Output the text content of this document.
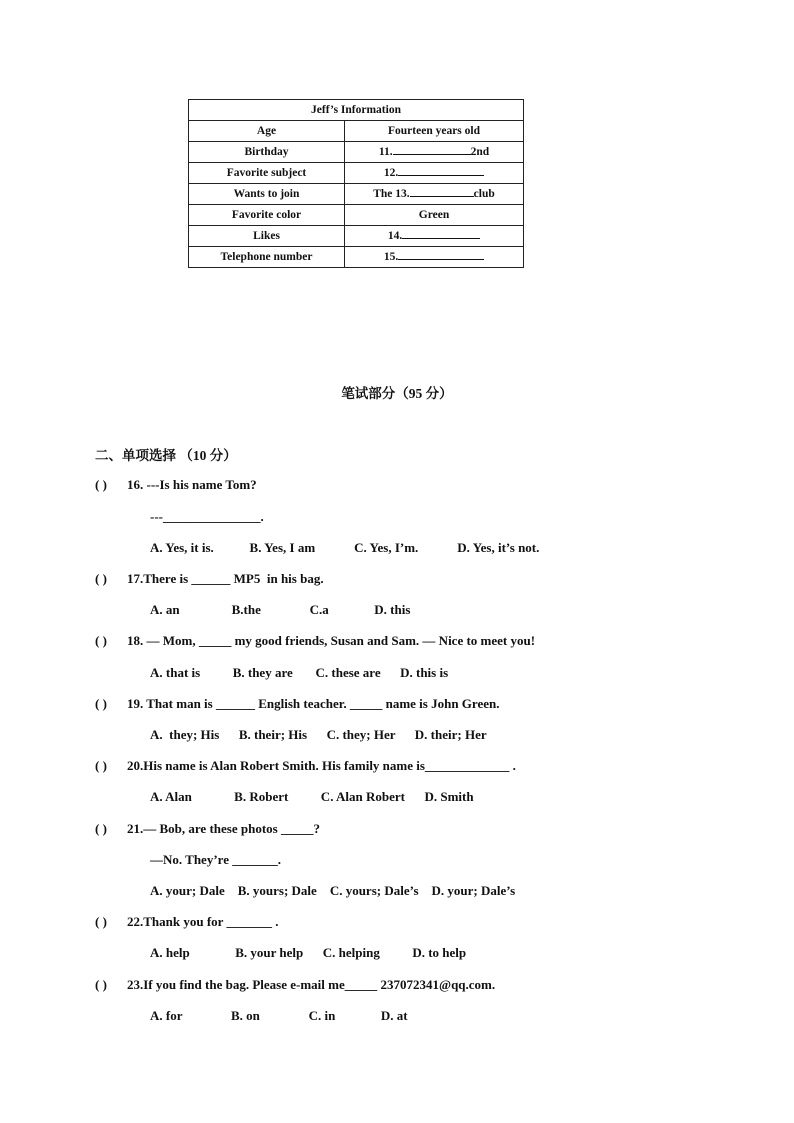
Jeff’s Information	
Age	Fourteen years old
Birthday	11. 2nd
Favorite subject	12.
Wants to join	The 13. club
Favorite color	Green
Likes	14.
Telephone number	15.
笔试部分（95 分）
二、单项选择 （10 分）
( ) 16. ---Is his name Tom?
---_______________.
A. Yes, it is.           B. Yes, I am            C. Yes, I’m.            D. Yes, it’s not.
( ) 17.There is ______ MP5  in his bag.
A. an                B.the               C.a              D. this
( ) 18. — Mom, _____ my good friends, Susan and Sam. — Nice to meet you!
A. that is          B. they are       C. these are      D. this is
( ) 19. That man is ______ English teacher. _____ name is John Green.
A.  they; His      B. their; His      C. they; Her      D. their; Her
( ) 20.His name is Alan Robert Smith. His family name is_____________ .
A. Alan             B. Robert          C. Alan Robert      D. Smith
( ) 21.— Bob, are these photos _____?
—No. They’re _______.
A. your; Dale    B. yours; Dale    C. yours; Dale’s    D. your; Dale’s
( ) 22.Thank you for _______ .
A. help              B. your help      C. helping          D. to help
( ) 23.If you find the bag. Please e-mail me_____ 237072341@qq.com.
A. for               B. on               C. in              D. at
